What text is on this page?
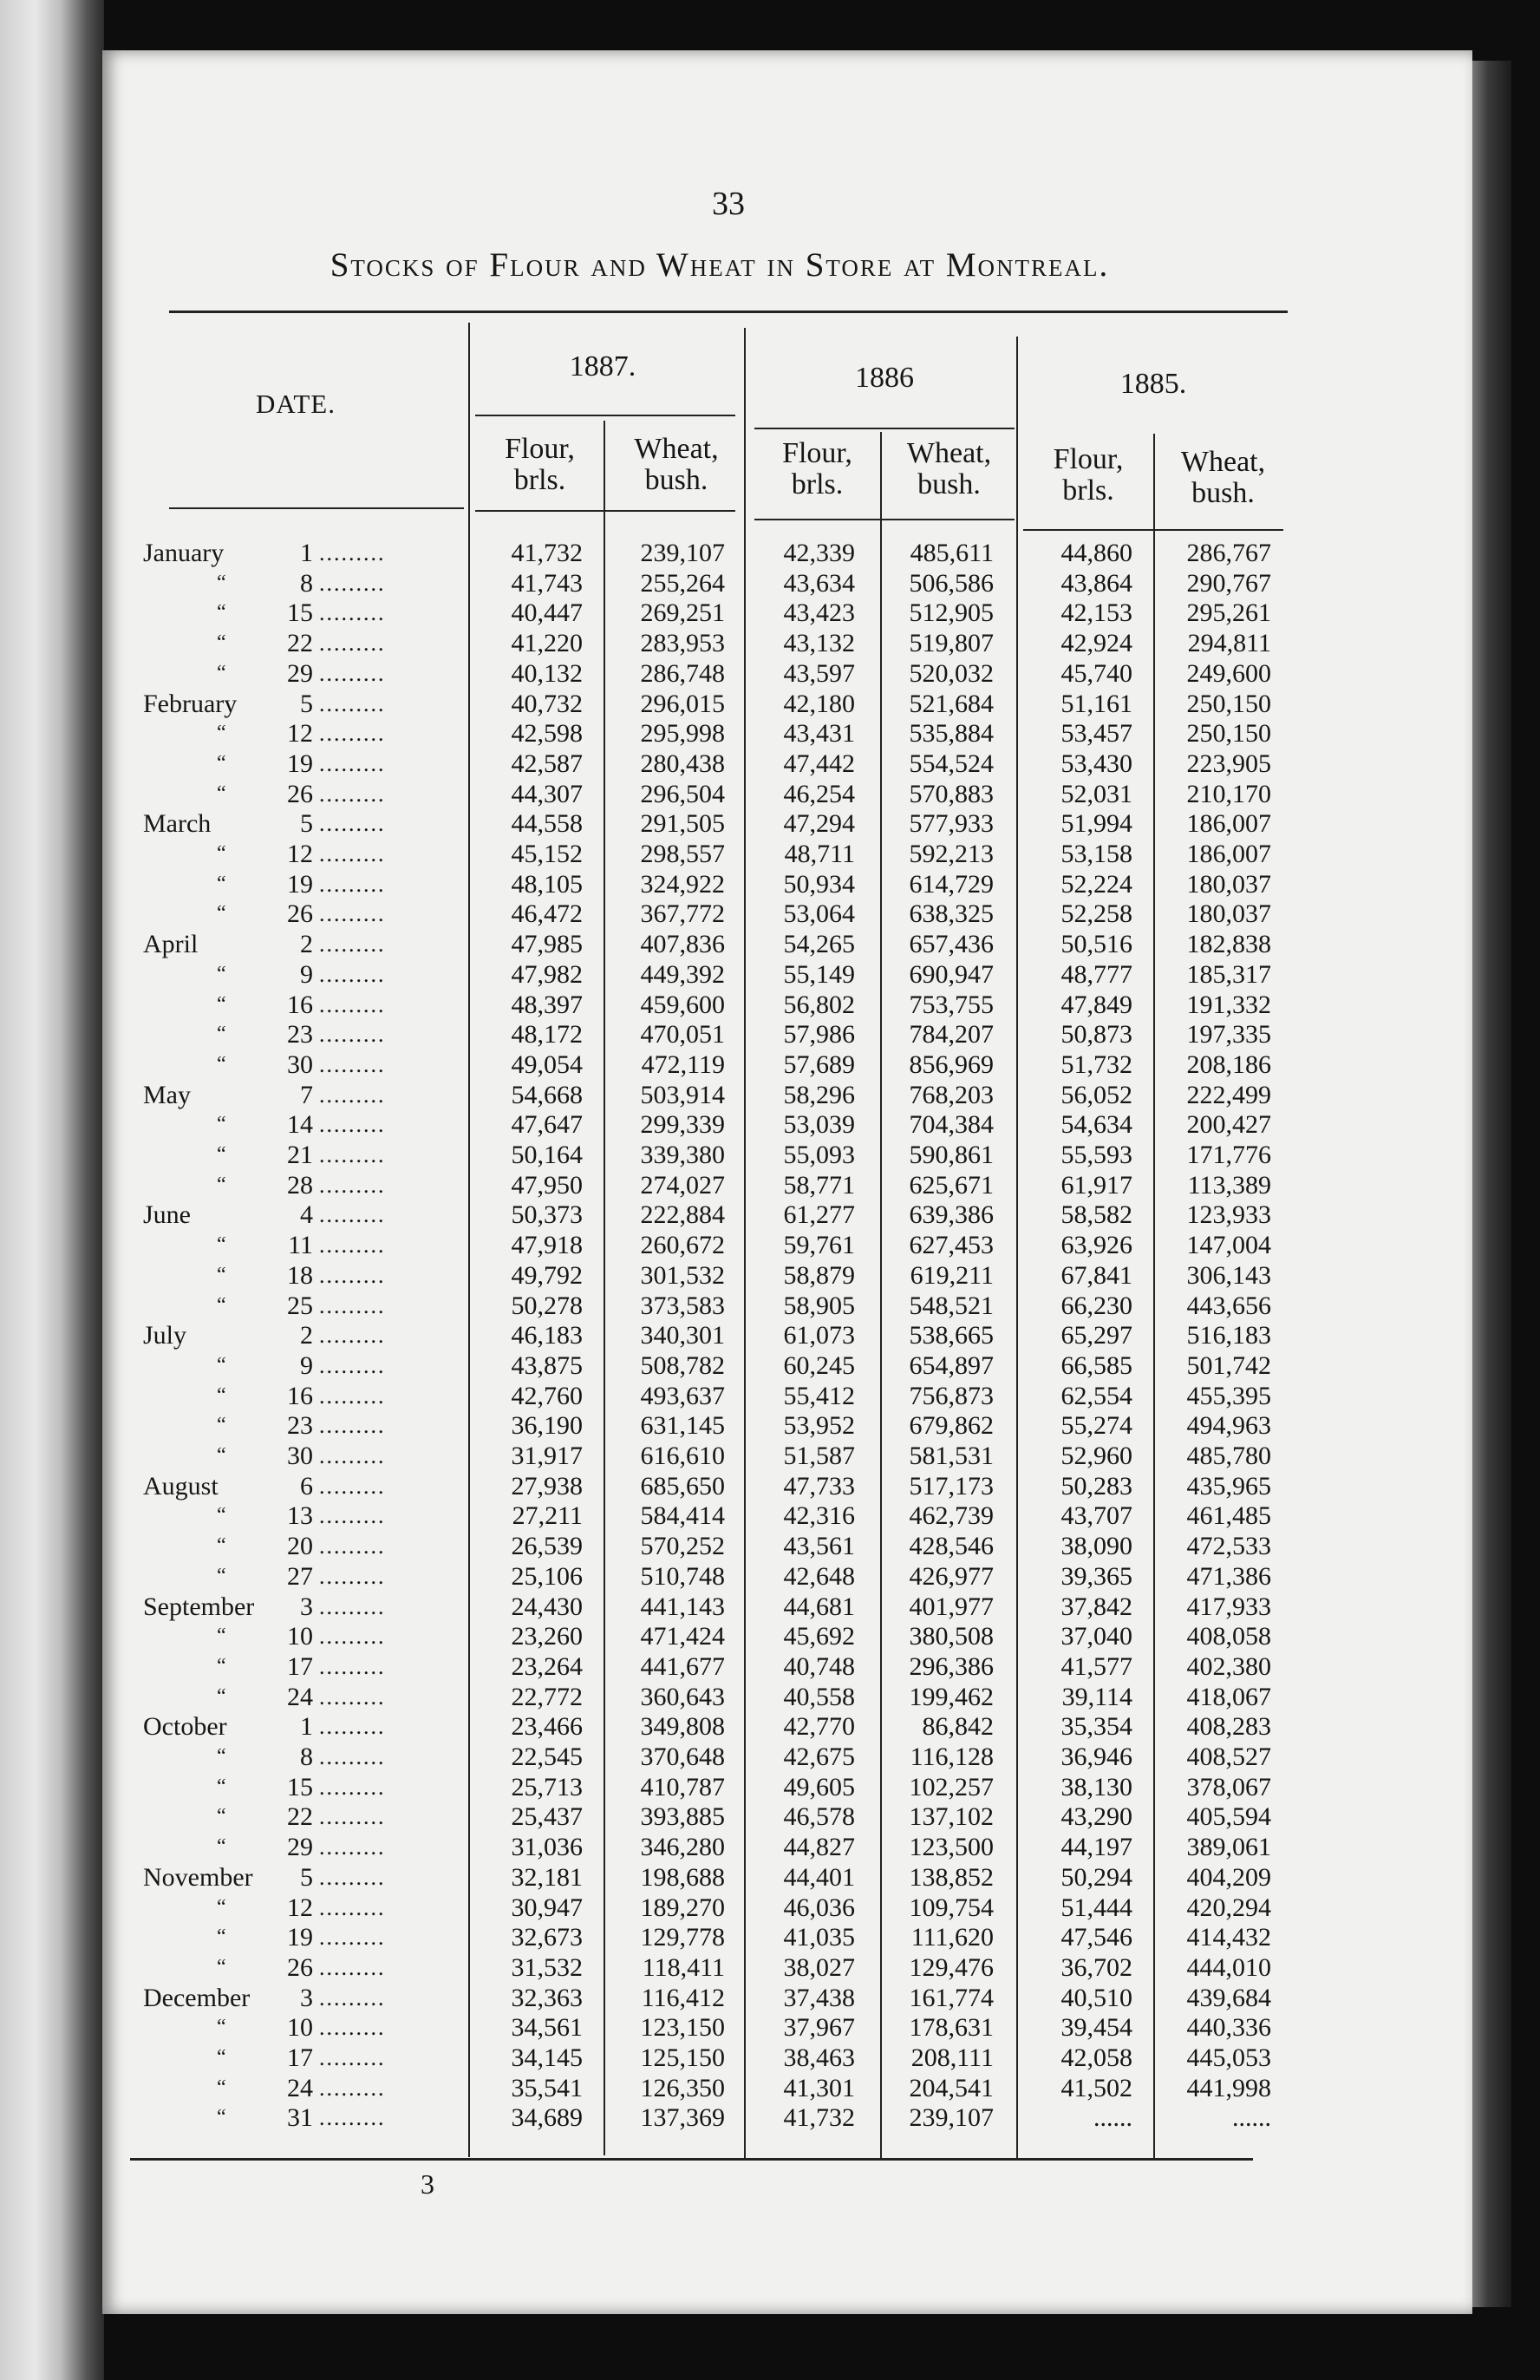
33
Stocks of Flour and Wheat in Store at Montreal.
DATE.
1887.	1886	1885.
Flour,
brls.
Wheat,
bush.
Flour,
brls.
Wheat,
bush.
Flour,
brls.
Wheat,
bush.
January	1 .........	41,732 239,107 42,339 485,611	44,860 286,767
“	8 .........	41,743 255,264 43,634 506,586	43,864 290,767
“ 15 .........	40,447 269,251 43,423 512,905	42,153 295,261
“ 22 .........	41,220 283,953 43,132 519,807	42,924 294,811
“ 29 .........	40,132 286,748 43,597 520,032	45,740 249,600
February 5 .........	40,732 296,015 42,180 521,684	51,161 250,150
“ 12 .........	42,598 295,998 43,431 535,884	53,457 250,150
“ 19 .........	42,587 280,438 47,442 554,524	53,430 223,905
“ 26 .........	44,307 296,504 46,254 570,883	52,031 210,170
March	5 .........	44,558 291,505 47,294 577,933	51,994 186,007
“ 12 .........	45,152 298,557 48,711 592,213	53,158 186,007
“ 19 .........	48,105 324,922 50,934 614,729	52,224 180,037
“ 26 .........	46,472 367,772 53,064 638,325	52,258 180,037
April	2 .........	47,985 407,836 54,265 657,436	50,516 182,838
“	9 .........	47,982 449,392 55,149 690,947	48,777 185,317
“ 16 .........	48,397 459,600 56,802 753,755	47,849 191,332
“ 23 .........	48,172 470,051 57,986 784,207	50,873 197,335
“ 30 .........	49,054 472,119 57,689 856,969	51,732 208,186
May	7 .........	54,668 503,914 58,296 768,203	56,052 222,499
“ 14 .........	47,647 299,339 53,039 704,384	54,634 200,427
“ 21 .........	50,164 339,380 55,093 590,861	55,593 171,776
“ 28 .........	47,950 274,027 58,771 625,671	61,917 113,389
June	4 .........	50,373 222,884 61,277 639,386	58,582 123,933
“ 11 .........	47,918 260,672 59,761 627,453	63,926 147,004
“ 18 .........	49,792 301,532 58,879 619,211	67,841 306,143
“ 25 .........	50,278 373,583 58,905 548,521	66,230 443,656
July	2 .........	46,183 340,301 61,073 538,665	65,297 516,183
“	9 .........	43,875 508,782 60,245 654,897	66,585 501,742
“ 16 .........	42,760 493,637 55,412 756,873	62,554 455,395
“ 23 .........	36,190 631,145 53,952 679,862	55,274 494,963
“ 30 .........	31,917 616,610 51,587 581,531	52,960 485,780
August	6 .........	27,938 685,650 47,733 517,173	50,283 435,965
“ 13 .........	27,211 584,414 42,316 462,739	43,707 461,485
“ 20 .........	26,539 570,252 43,561 428,546	38,090 472,533
“ 27 .........	25,106 510,748 42,648 426,977	39,365 471,386
September 3 .........	24,430 441,143 44,681 401,977	37,842 417,933
“ 10 .........	23,260 471,424 45,692 380,508	37,040 408,058
“ 17 .........	23,264 441,677 40,748 296,386	41,577 402,380
“ 24 .........	22,772 360,643 40,558 199,462	39,114 418,067
October	1 .........	23,466 349,808 42,770	86,842	35,354 408,283
“	8 .........	22,545 370,648 42,675 116,128	36,946 408,527
“ 15 .........	25,713 410,787 49,605 102,257	38,130 378,067
“ 22 .........	25,437 393,885 46,578 137,102	43,290 405,594
“ 29 .........	31,036 346,280 44,827 123,500	44,197 389,061
November 5 .........	32,181 198,688 44,401 138,852	50,294 404,209
“ 12 .........	30,947 189,270 46,036 109,754	51,444 420,294
“ 19 .........	32,673 129,778 41,035 111,620	47,546 414,432
“ 26 .........	31,532 118,411 38,027 129,476	36,702 444,010
December 3 .........	32,363 116,412 37,438 161,774	40,510 439,684
“ 10 .........	34,561 123,150 37,967 178,631	39,454 440,336
“ 17 .........	34,145 125,150 38,463 208,111	42,058 445,053
“ 24 .........	35,541 126,350 41,301 204,541	41,502 441,998
“ 31 .........	34,689 137,369 41,732 239,107	......	......
3
